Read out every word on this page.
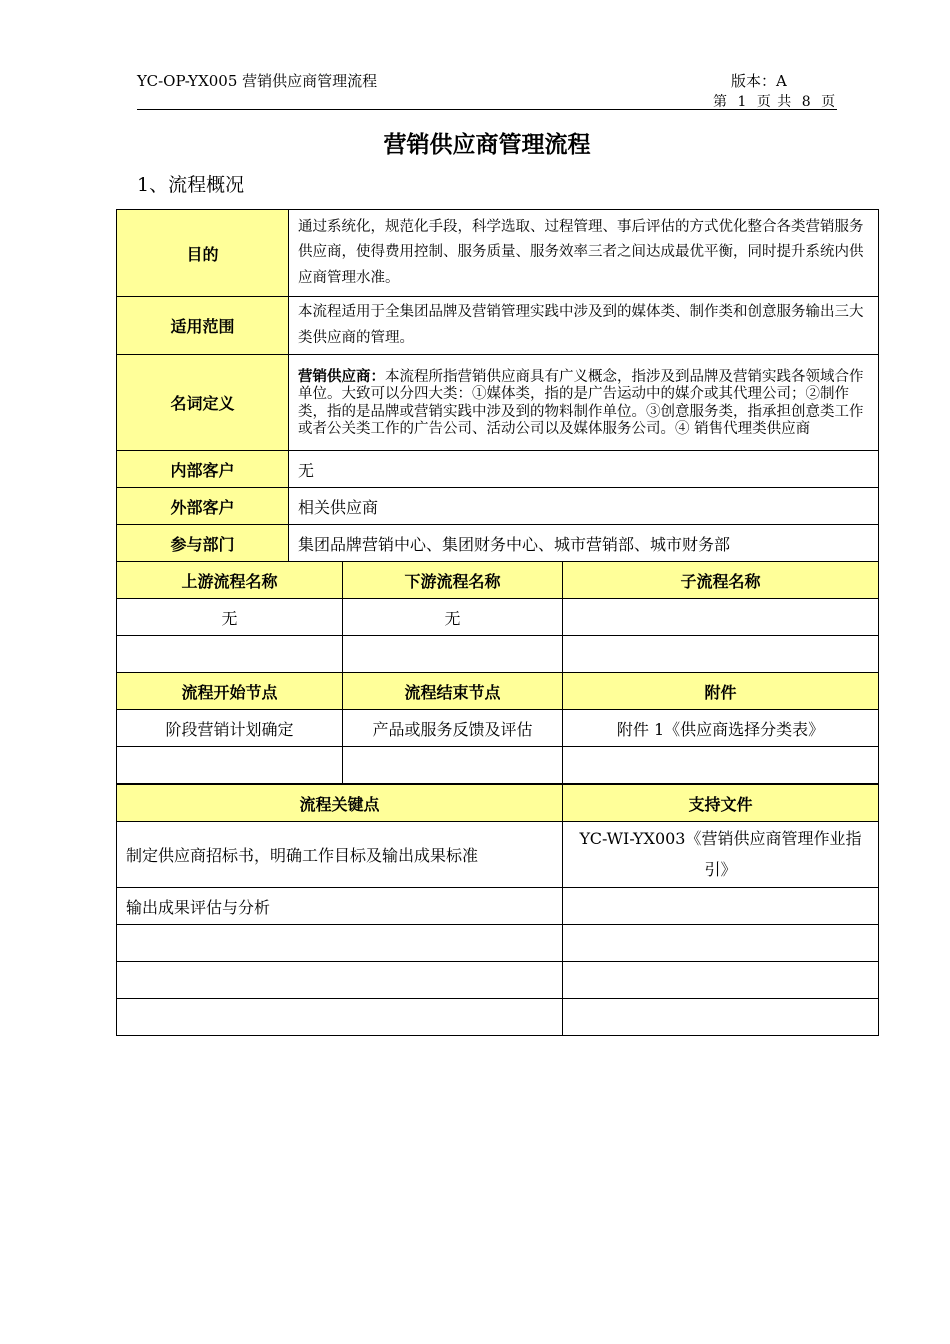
YC-OP-YX005 营销供应商管理流程	版本：A
第 1 页 共 8 页
营销供应商管理流程
1、流程概况
目的	通过系统化，规范化手段，科学选取、过程管理、事后评估的方式优化整合各类营销服务供应商，使得费用控制、服务质量、服务效率三者之间达成最优平衡，同时提升系统内供应商管理水准。
适用范围	本流程适用于全集团品牌及营销管理实践中涉及到的媒体类、制作类和创意服务输出三大类供应商的管理。
名词定义	营销供应商：本流程所指营销供应商具有广义概念，指涉及到品牌及营销实践各领域合作单位。大致可以分四大类：①媒体类，指的是广告运动中的媒介或其代理公司；②制作类，指的是品牌或营销实践中涉及到的物料制作单位。③创意服务类，指承担创意类工作或者公关类工作的广告公司、活动公司以及媒体服务公司。④ 销售代理类供应商
内部客户	无
外部客户	相关供应商
参与部门	集团品牌营销中心、集团财务中心、城市营销部、城市财务部
上游流程名称	下游流程名称	子流程名称
无	无	

流程开始节点	流程结束节点	附件
阶段营销计划确定	产品或服务反馈及评估	附件 1《供应商选择分类表》

流程关键点	支持文件
制定供应商招标书，明确工作目标及输出成果标准	YC-WI-YX003《营销供应商管理作业指引》
输出成果评估与分析	
